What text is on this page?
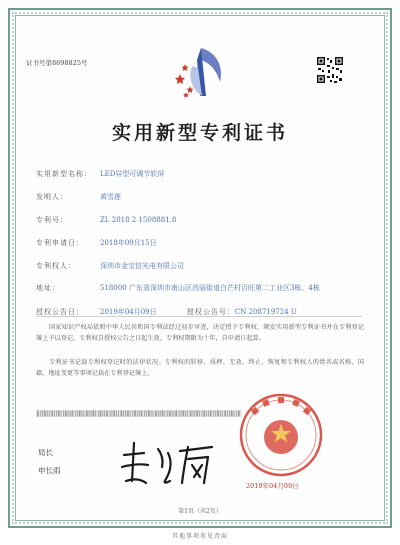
证书号第8698825号
实用新型专利证书
实用新型名称： LED异型可调节软屏
发明人：	黄雪莲
专利号：	ZL 2018 2 1508881.8
专利申请日： 2018年09月15日
专利权人：	深圳市金宝信光电有限公司
地址：	518000 广东省深圳市南山区西丽街道白芒村百旺第二工业区3栋、4栋
授权公告日： 2019年04月09日	授权公告号：CN 208719724 U
国家知识产权局依照中华人民共和国专利法经过初步审查，决定授予专利权，颁发实用新型专利证书并在专利登记簿上予以登记。专利权自授权公告之日起生效。专利权期限为十年，自申请日起算。
专利证书记载专利权登记时的法律状况。专利权的转移、质押、无效、终止、恢复和专利权人的姓名或名称、国籍、地址变更等事项记载在专利登记簿上。
局长
申长雨
2019年04月09日
第1页（共2页）
其他事项参见背面
